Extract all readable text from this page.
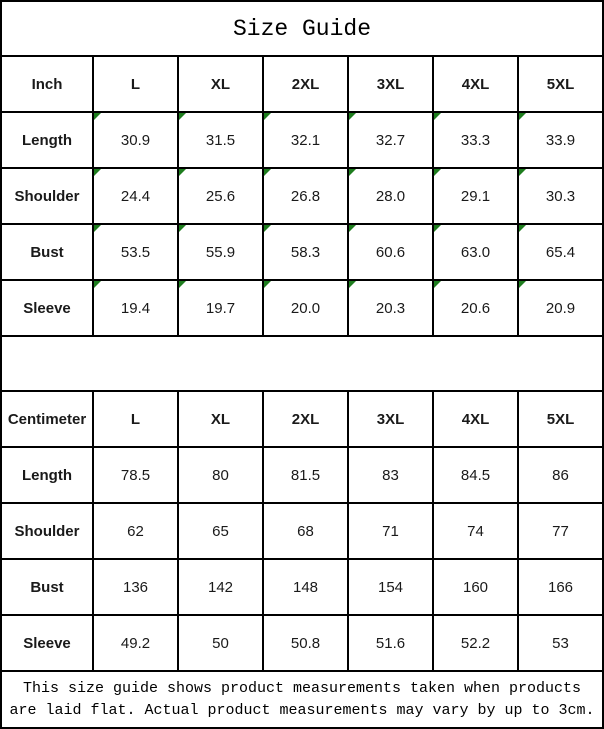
Size Guide
Inch	L	XL	2XL	3XL	4XL	5XL
Length	30.9	31.5	32.1	32.7	33.3	33.9
Shoulder	24.4	25.6	26.8	28.0	29.1	30.3
Bust	53.5	55.9	58.3	60.6	63.0	65.4
Sleeve	19.4	19.7	20.0	20.3	20.6	20.9
Centimeter	L	XL	2XL	3XL	4XL	5XL
Length	78.5	80	81.5	83	84.5	86
Shoulder	62	65	68	71	74	77
Bust	136	142	148	154	160	166
Sleeve	49.2	50	50.8	51.6	52.2	53
This size guide shows product measurements taken when products
are laid flat. Actual product measurements may vary by up to 3cm.
